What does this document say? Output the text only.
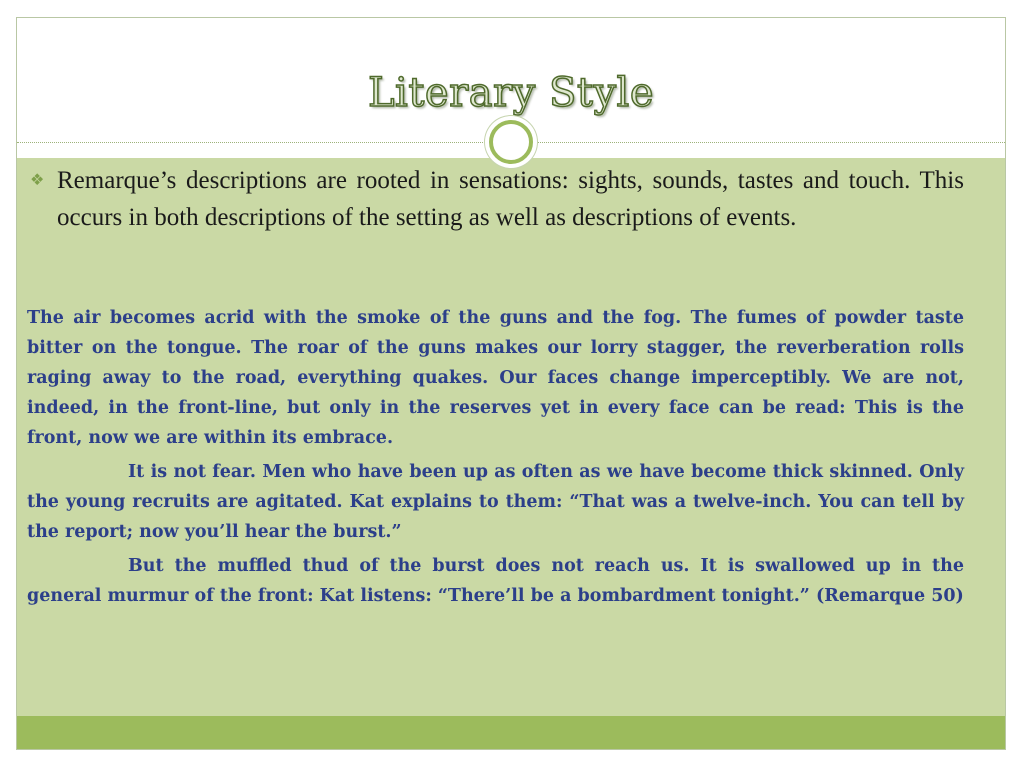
Literary Style
❖ Remarque’s descriptions are rooted in sensations: sights, sounds, tastes and touch. This occurs in both descriptions of the setting as well as descriptions of events.

The air becomes acrid with the smoke of the guns and the fog. The fumes of powder taste bitter on the tongue. The roar of the guns makes our lorry stagger, the reverberation rolls raging away to the road, everything quakes. Our faces change imperceptibly. We are not, indeed, in the front-line, but only in the reserves yet in every face can be read: This is the front, now we are within its embrace.

It is not fear. Men who have been up as often as we have become thick skinned. Only the young recruits are agitated. Kat explains to them: “That was a twelve-inch. You can tell by the report; now you’ll hear the burst.”

But the muffled thud of the burst does not reach us. It is swallowed up in the general murmur of the front: Kat listens: “There’ll be a bombardment tonight.” (Remarque 50)
